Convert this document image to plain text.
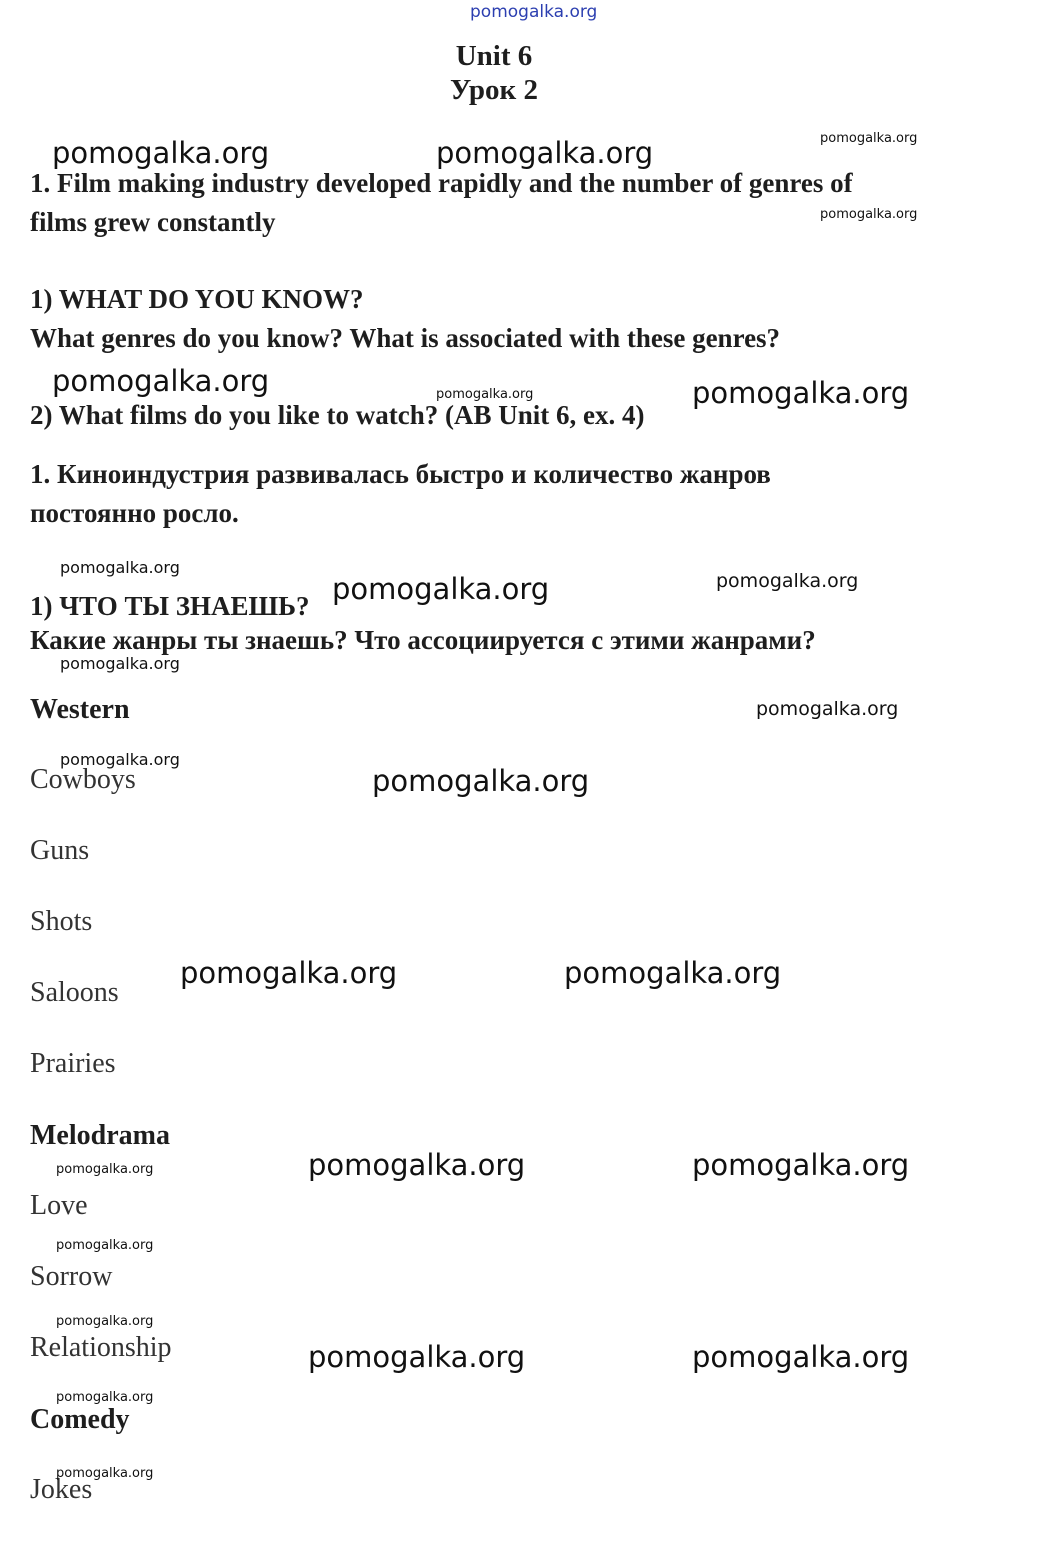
pomogalka.org
Unit 6
Урок 2
1. Film making industry developed rapidly and the number of genres of
films grew constantly
1) WHAT DO YOU KNOW?
What genres do you know? What is associated with these genres?
2) What films do you like to watch? (AB Unit 6, ex. 4)
1. Киноиндустрия развивалась быстро и количество жанров
постоянно росло.
1) ЧТО ТЫ ЗНАЕШЬ?
Какие жанры ты знаешь? Что ассоциируется с этими жанрами?
Western
Cowboys
Guns
Shots
Saloons
Prairies
Melodrama
Love
Sorrow
Relationship
Comedy
Jokes
pomogalka.org
pomogalka.org	pomogalka.org
pomogalka.org
pomogalka.org	pomogalka.org	pomogalka.org
pomogalka.org
pomogalka.org
pomogalka.org
pomogalka.org
pomogalka.org
pomogalka.org
pomogalka.org
pomogalka.org	pomogalka.org
pomogalka.org	pomogalka.org	pomogalka.org
pomogalka.org
pomogalka.org
pomogalka.org	pomogalka.org
pomogalka.org
pomogalka.org
